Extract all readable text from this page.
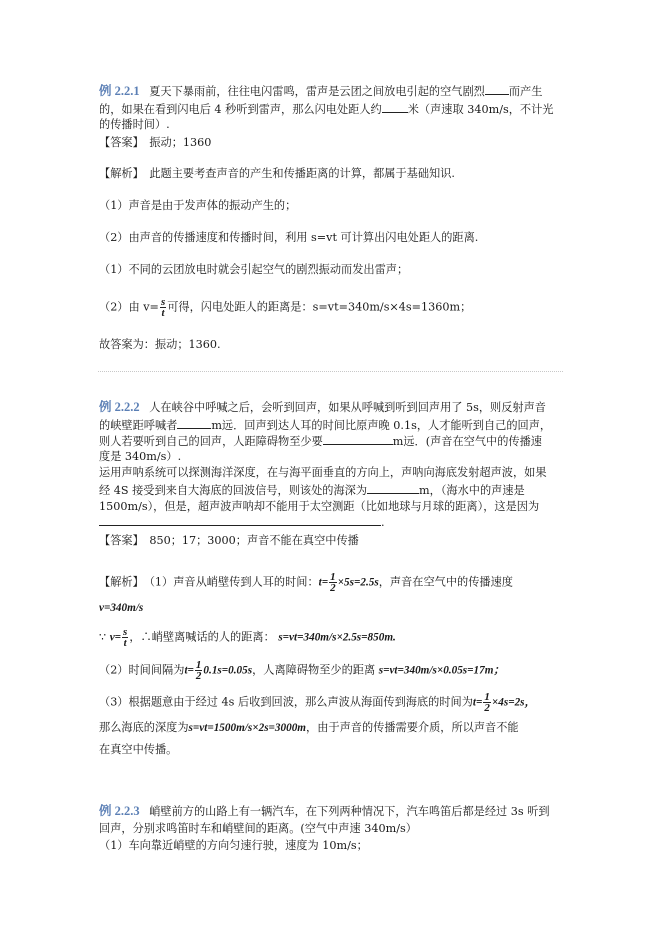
例 2.2.1 夏天下暴雨前，往往电闪雷鸣，雷声是云团之间放电引起的空气剧烈 而产生
的，如果在看到闪电后 4 秒听到雷声，那么闪电处距人约 米（声速取 340m/s，不计光
的传播时间）.
【答案】　振动；1360
【解析】　此题主要考查声音的产生和传播距离的计算，都属于基础知识.
（1）声音是由于发声体的振动产生的；
（2）由声音的传播速度和传播时间，利用 s=vt 可计算出闪电处距人的距离.
（1）不同的云团放电时就会引起空气的剧烈振动而发出雷声；
（2）由 $v= \frac{s}{t}$ 可得，闪电处距人的距离是：s=vt=340m/s×4s=1360m；
故答案为：振动；1360.
例 2.2.2 人在峡谷中呼喊之后，会听到回声，如果从呼喊到听到回声用了 5s，则反射声音
的峡壁距呼喊者	m远．回声到达人耳的时间比原声晚 0.1s，人才能听到自己的回声，
则人若要听到自己的回声，人距障碍物至少要	m远．(声音在空气中的传播速
度是 340m/s）.
运用声呐系统可以探测海洋深度，在与海平面垂直的方向上，声呐向海底发射超声波，如果
经 4S 接受到来自大海底的回波信号，则该处的海深为	m，（海水中的声速是
1500m/s），但是，超声波声呐却不能用于太空测距（比如地球与月球的距离），这是因为
.
【答案】　850；17；3000；声音不能在真空中传播
【解析】　（1）声音从峭壁传到人耳的时间：$t= \frac{1}{2} \times 5s=2.5s$，声音在空气中的传播速度
v=340m/s
∵ $v= \frac{s}{t}$ ，∴峭壁离喊话的人的距离： s=vt=340m/s×2.5s=850m.
（2）时间间隔为$t= \frac{1}{2} 0.1s=0.05s$，人离障碍物至少的距离 s=vt=340m/s×0.05s=17m；
（3）根据题意由于经过 4s 后收到回波，那么声波从海面传到海底的时间为$t= \frac{1}{2} \times 4s=2s$，
那么海底的深度为s=vt=1500m/s×2s=3000m，由于声音的传播需要介质，所以声音不能
在真空中传播。
例 2.2.3 峭壁前方的山路上有一辆汽车，在下列两种情况下，汽车鸣笛后都是经过 3s 听到
回声，分别求鸣笛时车和峭壁间的距离。(空气中声速 340m/s）
（1）车向靠近峭壁的方向匀速行驶，速度为 10m/s；
